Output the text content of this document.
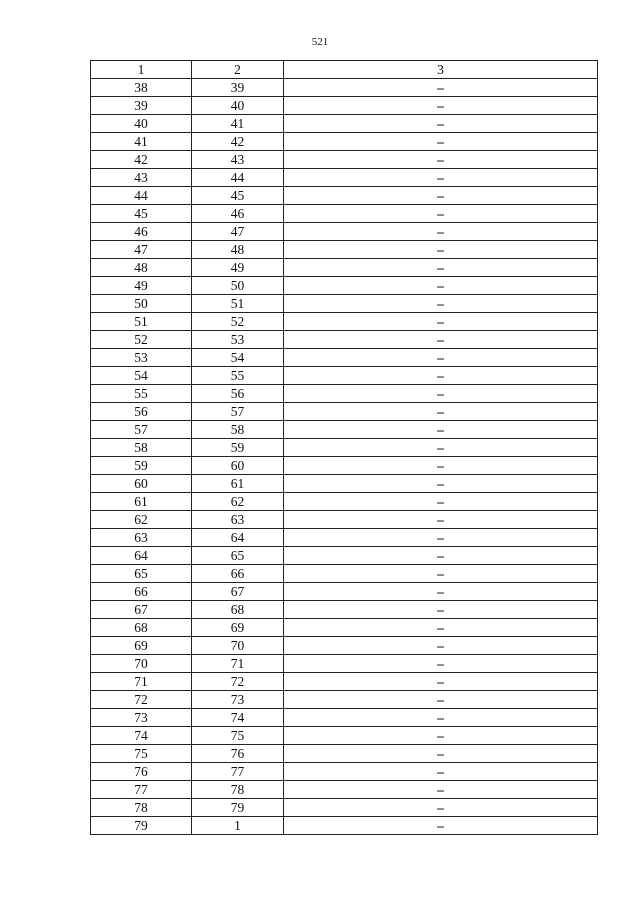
521
1	2	3
38	39	–
39	40	–
40	41	–
41	42	–
42	43	–
43	44	–
44	45	–
45	46	–
46	47	–
47	48	–
48	49	–
49	50	–
50	51	–
51	52	–
52	53	–
53	54	–
54	55	–
55	56	–
56	57	–
57	58	–
58	59	–
59	60	–
60	61	–
61	62	–
62	63	–
63	64	–
64	65	–
65	66	–
66	67	–
67	68	–
68	69	–
69	70	–
70	71	–
71	72	–
72	73	–
73	74	–
74	75	–
75	76	–
76	77	–
77	78	–
78	79	–
79	1	–
